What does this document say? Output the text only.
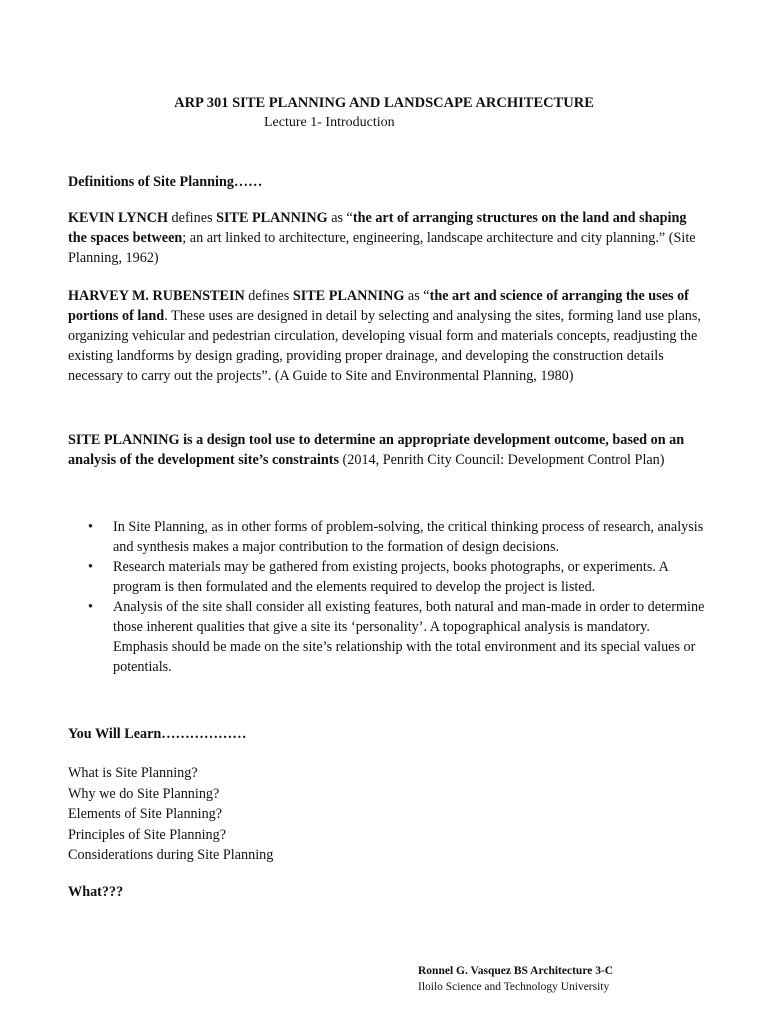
ARP 301 SITE PLANNING AND LANDSCAPE ARCHITECTURE
Lecture 1- Introduction
Definitions of Site Planning……
KEVIN LYNCH defines SITE PLANNING as “the art of arranging structures on the land and shaping the spaces between; an art linked to architecture, engineering, landscape architecture and city planning.” (Site Planning, 1962)
HARVEY M. RUBENSTEIN defines SITE PLANNING as “the art and science of arranging the uses of portions of land. These uses are designed in detail by selecting and analysing the sites, forming land use plans, organizing vehicular and pedestrian circulation, developing visual form and materials concepts, readjusting the existing landforms by design grading, providing proper drainage, and developing the construction details necessary to carry out the projects”. (A Guide to Site and Environmental Planning, 1980)
SITE PLANNING is a design tool use to determine an appropriate development outcome, based on an analysis of the development site’s constraints (2014, Penrith City Council: Development Control Plan)
• In Site Planning, as in other forms of problem-solving, the critical thinking process of research, analysis and synthesis makes a major contribution to the formation of design decisions.
• Research materials may be gathered from existing projects, books photographs, or experiments. A program is then formulated and the elements required to develop the project is listed.
• Analysis of the site shall consider all existing features, both natural and man-made in order to determine those inherent qualities that give a site its ‘personality’. A topographical analysis is mandatory. Emphasis should be made on the site’s relationship with the total environment and its special values or potentials.
You Will Learn………………
What is Site Planning?
Why we do Site Planning?
Elements of Site Planning?
Principles of Site Planning?
Considerations during Site Planning
What???
Ronnel G. Vasquez BS Architecture 3-C
Iloilo Science and Technology University
